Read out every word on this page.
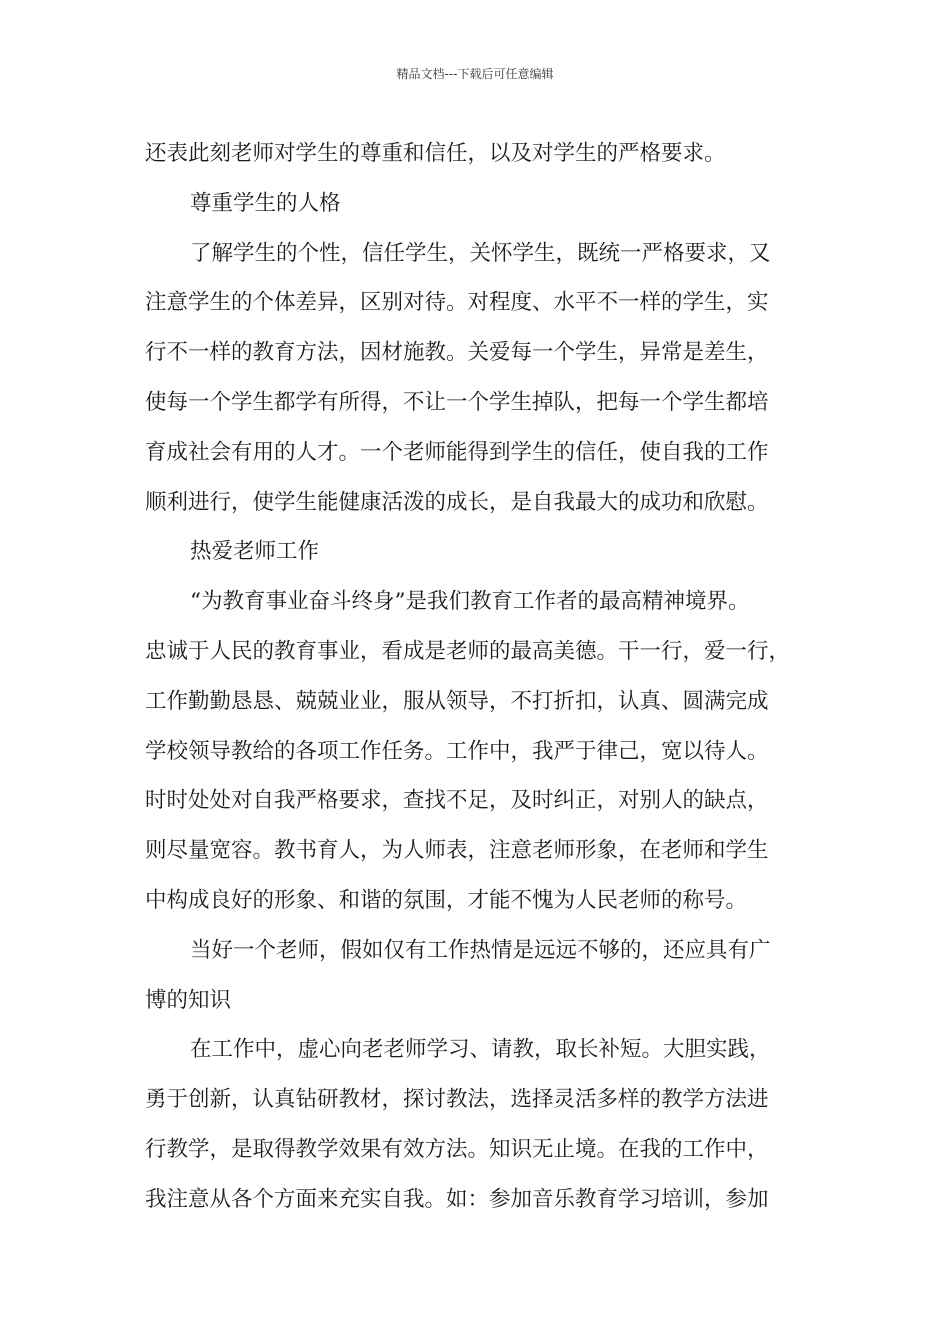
精品文档---下载后可任意编辑
还表此刻老师对学生的尊重和信任，以及对学生的严格要求。
尊重学生的人格
了解学生的个性，信任学生，关怀学生，既统一严格要求，又
注意学生的个体差异，区别对待。对程度、水平不一样的学生，实
行不一样的教育方法，因材施教。关爱每一个学生，异常是差生，
使每一个学生都学有所得，不让一个学生掉队，把每一个学生都培
育成社会有用的人才。一个老师能得到学生的信任，使自我的工作
顺利进行，使学生能健康活泼的成长，是自我最大的成功和欣慰。
热爱老师工作
“为教育事业奋斗终身”是我们教育工作者的最高精神境界。
忠诚于人民的教育事业，看成是老师的最高美德。干一行，爱一行，
工作勤勤恳恳、兢兢业业，服从领导，不打折扣，认真、圆满完成
学校领导教给的各项工作任务。工作中，我严于律己，宽以待人。
时时处处对自我严格要求，查找不足，及时纠正，对别人的缺点，
则尽量宽容。教书育人，为人师表，注意老师形象，在老师和学生
中构成良好的形象、和谐的氛围，才能不愧为人民老师的称号。
当好一个老师，假如仅有工作热情是远远不够的，还应具有广
博的知识
在工作中，虚心向老老师学习、请教，取长补短。大胆实践，
勇于创新，认真钻研教材，探讨教法，选择灵活多样的教学方法进
行教学，是取得教学效果有效方法。知识无止境。在我的工作中，
我注意从各个方面来充实自我。如：参加音乐教育学习培训，参加
